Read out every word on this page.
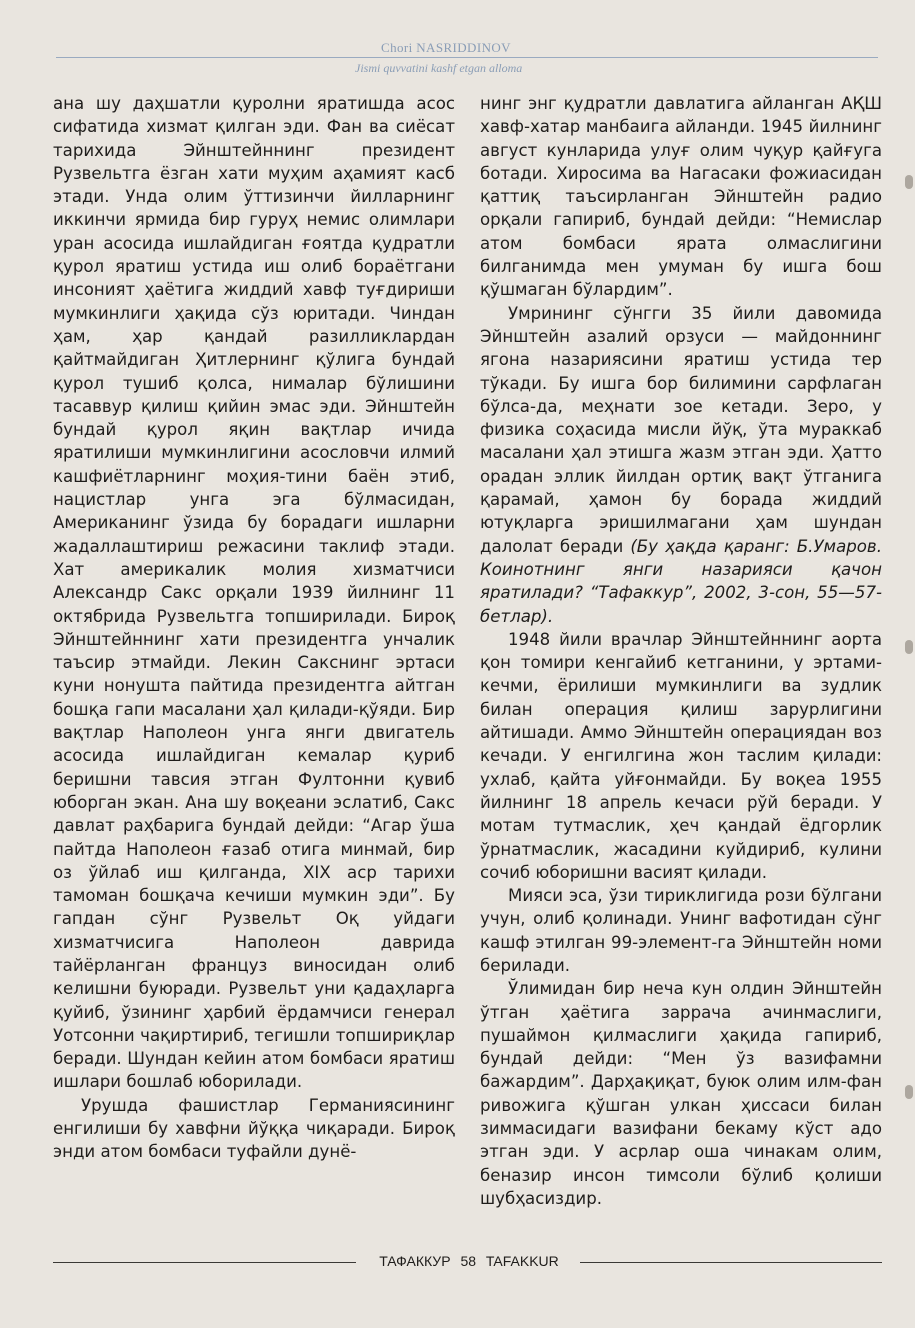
Chori NASRIDDINOV
Jismi quvvatini kashf etgan alloma

ана шу даҳшатли қуролни яратишда асос сифатида хизмат қилган эди. Фан ва сиёсат тарихида Эйнштейннинг президент Рузвельтга ёзган хати муҳим аҳамият касб этади. Унда олим ўттизинчи йилларнинг иккинчи ярмида бир гуруҳ немис олимлари уран асосида ишлайдиган ғоятда қудратли қурол яратиш устида иш олиб бораётгани инсоният ҳаётига жиддий хавф туғдириши мумкинлиги ҳақида сўз юритади. Чиндан ҳам, ҳар қандай разилликлардан қайтмайдиган Ҳитлернинг қўлига бундай қурол тушиб қолса, нималар бўлишини тасаввур қилиш қийин эмас эди. Эйнштейн бундай қурол яқин вақтлар ичида яратилиши мумкинлигини асословчи илмий кашфиётларнинг моҳия-тини баён этиб, нацистлар унга эга бўлмасидан, Американинг ўзида бу борадаги ишларни жадаллаштириш режасини таклиф этади. Хат америкалик молия хизматчиси Александр Сакс орқали 1939 йилнинг 11 октябрида Рузвельтга топширилади. Бироқ Эйнштейннинг хати президентга унчалик таъсир этмайди. Лекин Сакснинг эртаси куни нонушта пайтида президентга айтган бошқа гапи масалани ҳал қилади-қўяди. Бир вақтлар Наполеон унга янги двигатель асосида ишлайдиган кемалар қуриб беришни тавсия этган Фултонни қувиб юборган экан. Ана шу воқеани эслатиб, Сакс давлат раҳбарига бундай дейди: “Агар ўша пайтда Наполеон ғазаб отига минмай, бир оз ўйлаб иш қилганда, XIX аср тарихи тамоман бошқача кечиши мумкин эди”. Бу гапдан сўнг Рузвельт Оқ уйдаги хизматчисига Наполеон даврида тайёрланган француз виносидан олиб келишни буюради. Рузвельт уни қадаҳларга қуйиб, ўзининг ҳарбий ёрдамчиси генерал Уотсонни чақиртириб, тегишли топшириқлар беради. Шундан кейин атом бомбаси яратиш ишлари бошлаб юборилади.

Урушда фашистлар Германиясининг енгилиши бу хавфни йўққа чиқаради. Бироқ энди атом бомбаси туфайли дунё-

нинг энг қудратли давлатига айланган АҚШ хавф-хатар манбаига айланди. 1945 йилнинг август кунларида улуғ олим чуқур қайғуга ботади. Хиросима ва Нагасаки фожиасидан қаттиқ таъсирланган Эйнштейн радио орқали гапириб, бундай дейди: “Немислар атом бомбаси ярата олмаслигини билганимда мен умуман бу ишга бош қўшмаган бўлардим”.

Умрининг сўнгги 35 йили давомида Эйнштейн азалий орзуси — майдоннинг ягона назариясини яратиш устида тер тўкади. Бу ишга бор билимини сарфлаган бўлса-да, меҳнати зое кетади. Зеро, у физика соҳасида мисли йўқ, ўта мураккаб масалани ҳал этишга жазм этган эди. Ҳатто орадан эллик йилдан ортиқ вақт ўтганига қарамай, ҳамон бу борада жиддий ютуқларга эришилмагани ҳам шундан далолат беради (Бу ҳақда қаранг: Б.Умаров. Коинотнинг янги назарияси қачон яратилади? “Тафаккур”, 2002, 3-сон, 55—57-бетлар).

1948 йили врачлар Эйнштейннинг аорта қон томири кенгайиб кетганини, у эртами-кечми, ёрилиши мумкинлиги ва зудлик билан операция қилиш зарурлигини айтишади. Аммо Эйнштейн операциядан воз кечади. У енгилгина жон таслим қилади: ухлаб, қайта уйғонмайди. Бу воқеа 1955 йилнинг 18 апрель кечаси рўй беради. У мотам тутмаслик, ҳеч қандай ёдгорлик ўрнатмаслик, жасадини куйдириб, кулини сочиб юборишни васият қилади.

Мияси эса, ўзи тириклигида рози бўлгани учун, олиб қолинади. Унинг вафотидан сўнг кашф этилган 99-элемент-га Эйнштейн номи берилади.

Ўлимидан бир неча кун олдин Эйнштейн ўтган ҳаётига заррача ачинмаслиги, пушаймон қилмаслиги ҳақида гапириб, бундай дейди: “Мен ўз вазифамни бажардим”. Дарҳақиқат, буюк олим илм-фан ривожига қўшган улкан ҳиссаси билан зиммасидаги вазифани бекаму кўст адо этган эди. У асрлар оша чинакам олим, беназир инсон тимсоли бўлиб қолиши шубҳасиздир.

ТАФАККУР 58 TAFAKKUR
